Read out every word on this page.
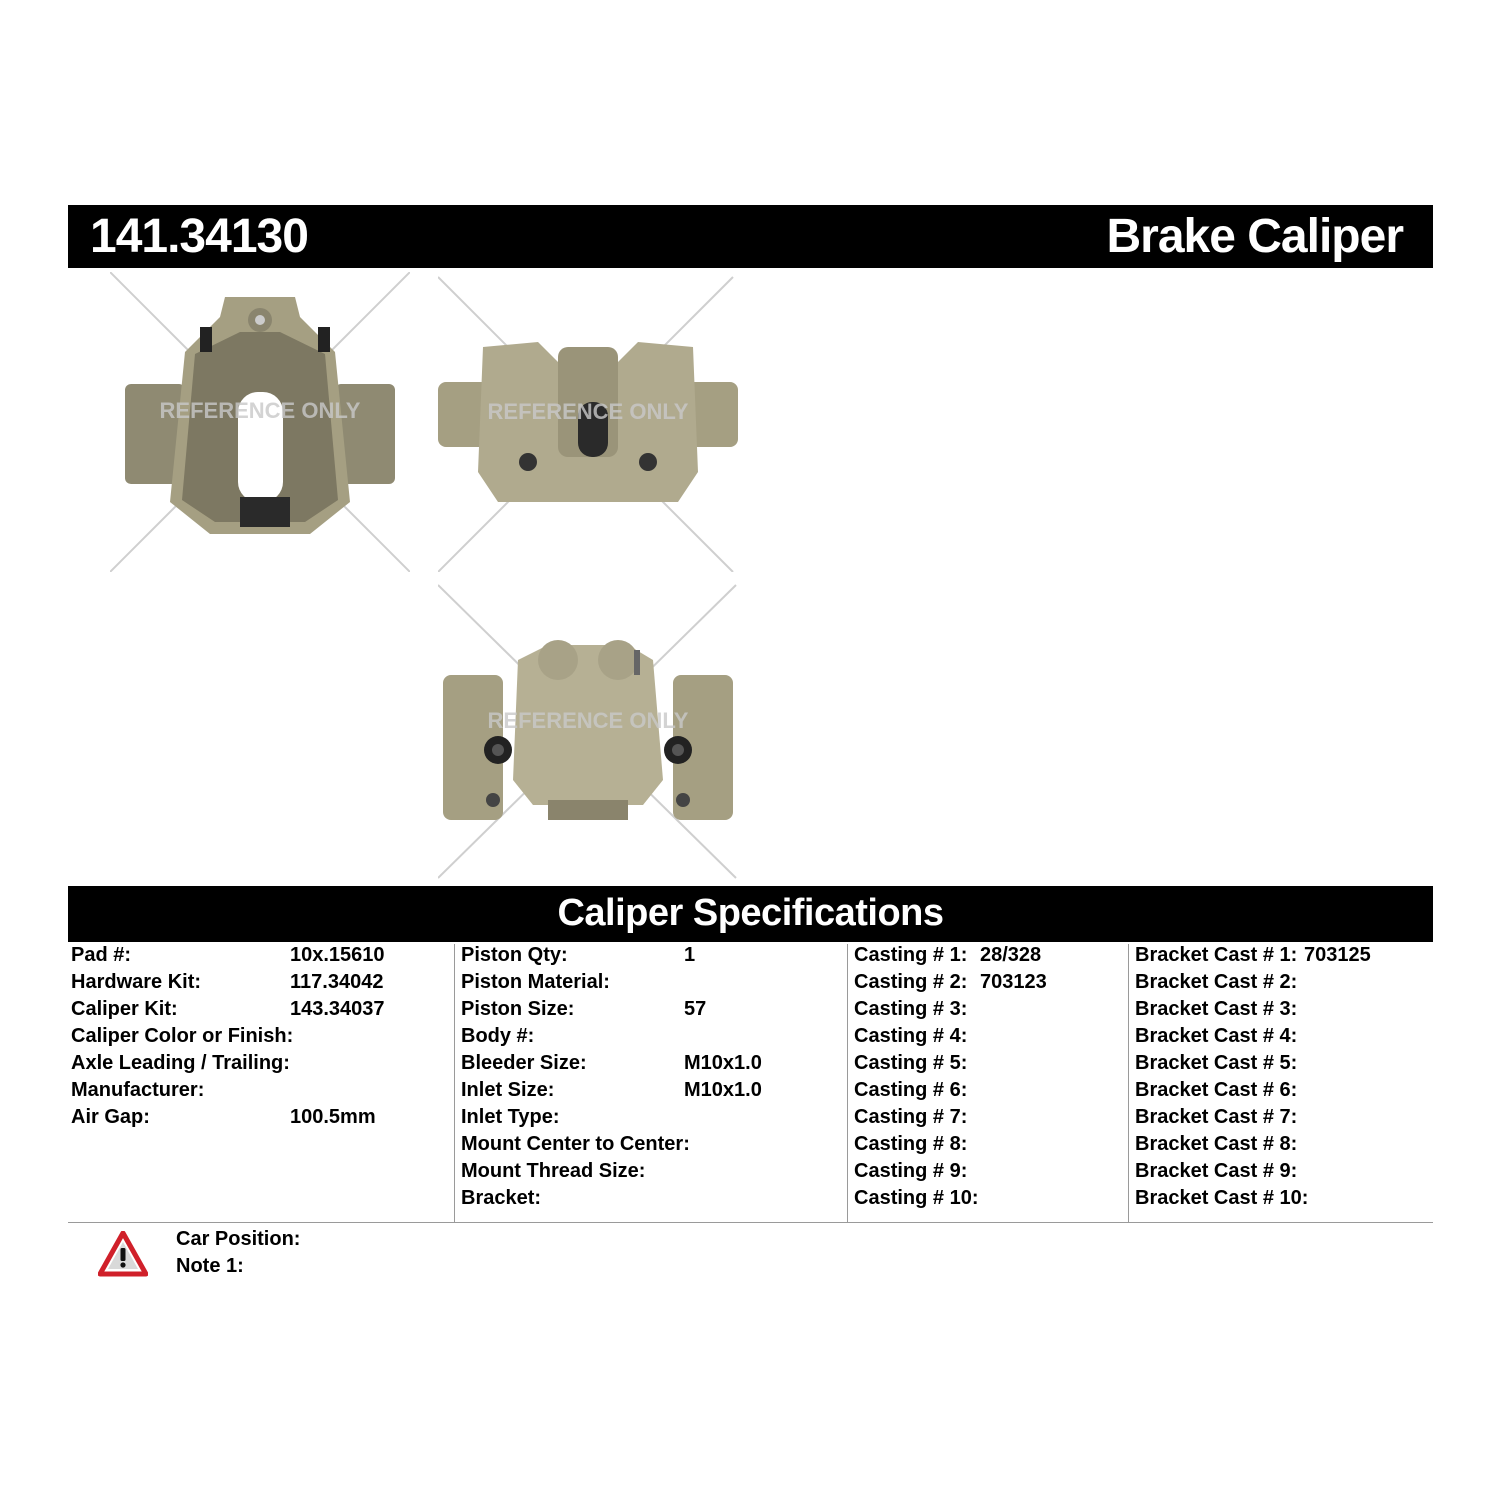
141.34130	Brake Caliper
REFERENCE ONLY	REFERENCE ONLY
REFERENCE ONLY
Caliper Specifications
Pad #:	10x.15610
Hardware Kit:	117.34042
Caliper Kit:	143.34037
Caliper Color or Finish:
Axle Leading / Trailing:
Manufacturer:
Air Gap:	100.5mm
Piston Qty:	1
Piston Material:
Piston Size:	57
Body #:
Bleeder Size:	M10x1.0
Inlet Size:	M10x1.0
Inlet Type:
Mount Center to Center:
Mount Thread Size:
Bracket:
Casting # 1: 28/328
Casting # 2: 703123
Casting # 3:
Casting # 4:
Casting # 5:
Casting # 6:
Casting # 7:
Casting # 8:
Casting # 9:
Casting # 10:
Bracket Cast # 1: 703125
Bracket Cast # 2:
Bracket Cast # 3:
Bracket Cast # 4:
Bracket Cast # 5:
Bracket Cast # 6:
Bracket Cast # 7:
Bracket Cast # 8:
Bracket Cast # 9:
Bracket Cast # 10:
Car Position:
Note 1:
